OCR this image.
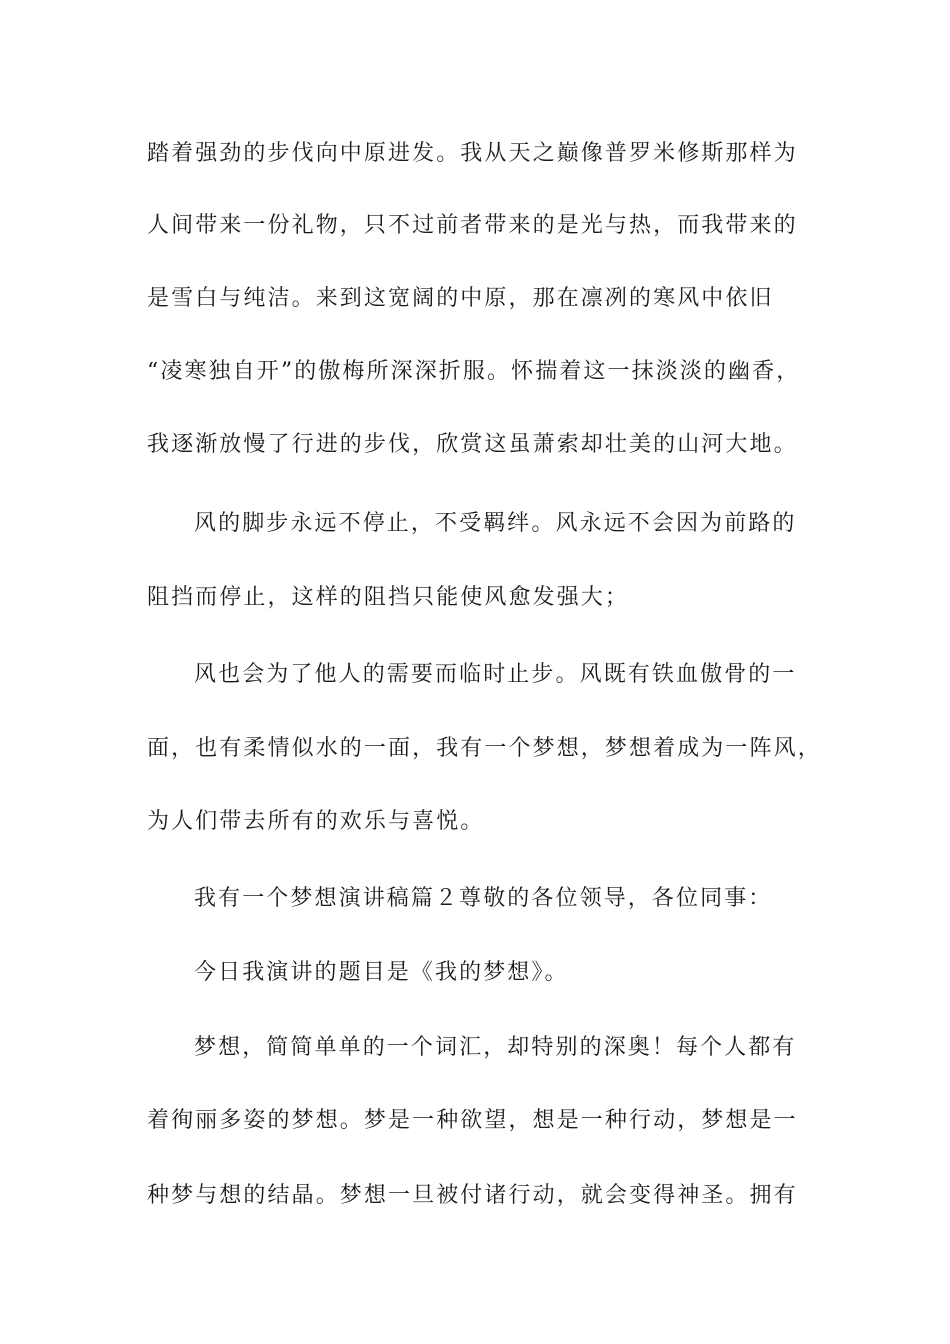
踏着强劲的步伐向中原进发。我从天之巅像普罗米修斯那样为
人间带来一份礼物，只不过前者带来的是光与热，而我带来的
是雪白与纯洁。来到这宽阔的中原，那在凛冽的寒风中依旧
“凌寒独自开”的傲梅所深深折服。怀揣着这一抹淡淡的幽香，
我逐渐放慢了行进的步伐，欣赏这虽萧索却壮美的山河大地。
风的脚步永远不停止，不受羁绊。风永远不会因为前路的
阻挡而停止，这样的阻挡只能使风愈发强大；
风也会为了他人的需要而临时止步。风既有铁血傲骨的一
面，也有柔情似水的一面，我有一个梦想，梦想着成为一阵风，
为人们带去所有的欢乐与喜悦。
我有一个梦想演讲稿篇２尊敬的各位领导，各位同事：
今日我演讲的题目是《我的梦想》。
梦想，简简单单的一个词汇，却特别的深奥！每个人都有
着徇丽多姿的梦想。梦是一种欲望，想是一种行动，梦想是一
种梦与想的结晶。梦想一旦被付诸行动，就会变得神圣。拥有
